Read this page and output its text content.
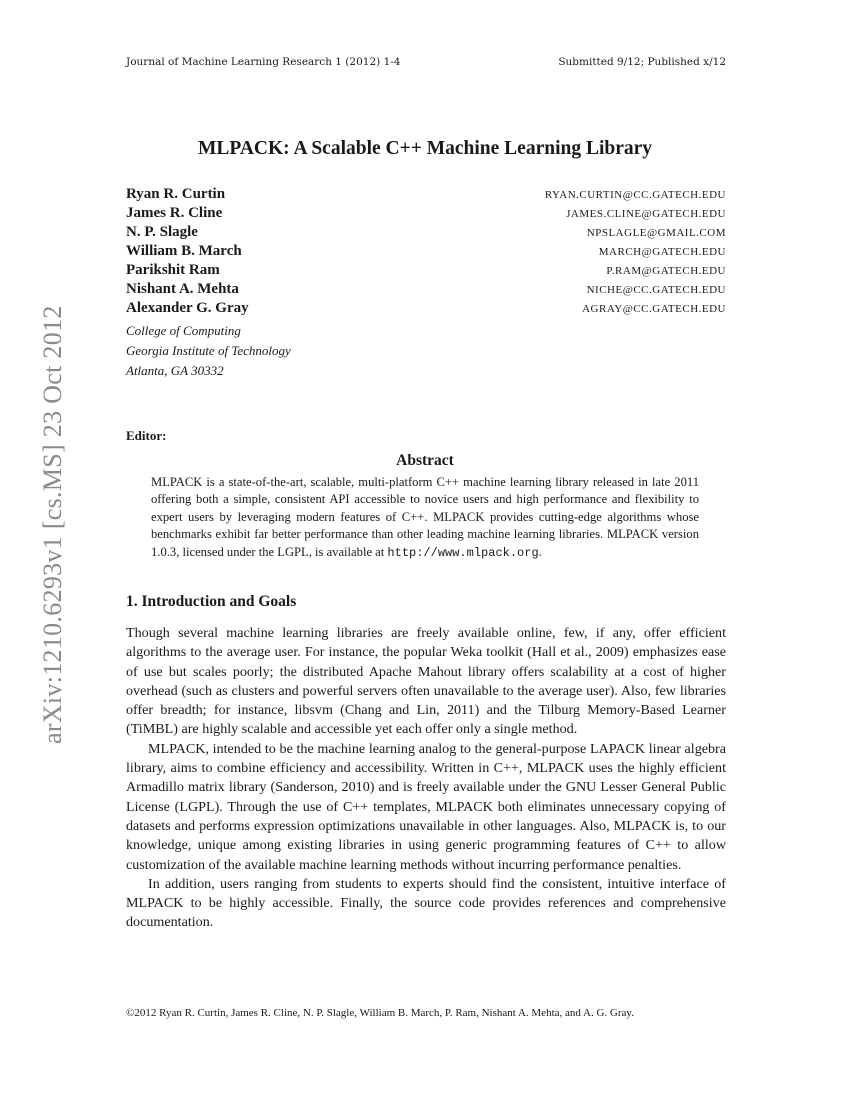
Journal of Machine Learning Research 1 (2012) 1-4	Submitted 9/12; Published x/12
arXiv:1210.6293v1 [cs.MS] 23 Oct 2012
MLPACK: A Scalable C++ Machine Learning Library
Ryan R. Curtin	RYAN.CURTIN@CC.GATECH.EDU
James R. Cline	JAMES.CLINE@GATECH.EDU
N. P. Slagle	NPSLAGLE@GMAIL.COM
William B. March	MARCH@GATECH.EDU
Parikshit Ram	P.RAM@GATECH.EDU
Nishant A. Mehta	NICHE@CC.GATECH.EDU
Alexander G. Gray	AGRAY@CC.GATECH.EDU
College of Computing
Georgia Institute of Technology
Atlanta, GA 30332
Editor:
Abstract
MLPACK is a state-of-the-art, scalable, multi-platform C++ machine learning library released in late 2011 offering both a simple, consistent API accessible to novice users and high performance and flexibility to expert users by leveraging modern features of C++. MLPACK provides cutting-edge algorithms whose benchmarks exhibit far better performance than other leading machine learning libraries. MLPACK version 1.0.3, licensed under the LGPL, is available at http://www.mlpack.org.
1. Introduction and Goals

Though several machine learning libraries are freely available online, few, if any, offer efficient algorithms to the average user. For instance, the popular Weka toolkit (Hall et al., 2009) emphasizes ease of use but scales poorly; the distributed Apache Mahout library offers scalability at a cost of higher overhead (such as clusters and powerful servers often unavailable to the average user). Also, few libraries offer breadth; for instance, libsvm (Chang and Lin, 2011) and the Tilburg Memory-Based Learner (TiMBL) are highly scalable and accessible yet each offer only a single method.

MLPACK, intended to be the machine learning analog to the general-purpose LAPACK linear algebra library, aims to combine efficiency and accessibility. Written in C++, MLPACK uses the highly efficient Armadillo matrix library (Sanderson, 2010) and is freely available under the GNU Lesser General Public License (LGPL). Through the use of C++ templates, MLPACK both eliminates unnecessary copying of datasets and performs expression optimizations unavailable in other languages. Also, MLPACK is, to our knowledge, unique among existing libraries in using generic programming features of C++ to allow customization of the available machine learning methods without incurring performance penalties.

In addition, users ranging from students to experts should find the consistent, intuitive interface of MLPACK to be highly accessible. Finally, the source code provides references and comprehensive documentation.

©2012 Ryan R. Curtin, James R. Cline, N. P. Slagle, William B. March, P. Ram, Nishant A. Mehta, and A. G. Gray.
